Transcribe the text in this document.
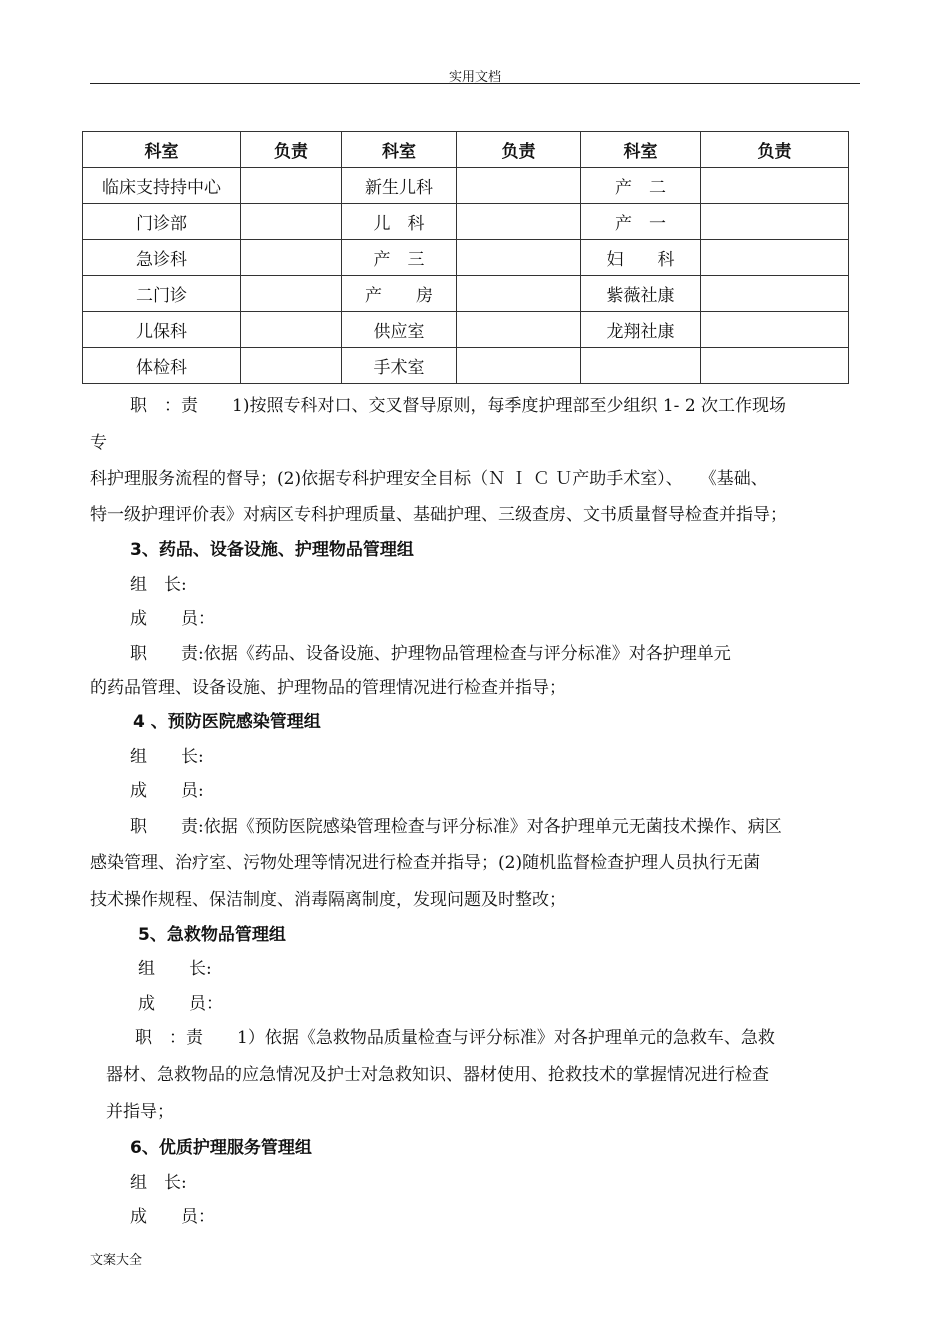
实用文档
科室	负责	科室	负责	科室	负责
临床支持持中心		新生儿科		产　二	
门诊部		儿　科		产　一	
急诊科		产　三		妇　　科	
二门诊		产　　房		紫薇社康	
儿保科		供应室		龙翔社康	
体检科		手术室			
职　：责　　1)按照专科对口、交叉督导原则，每季度护理部至少组织 1- 2 次工作现场
专
科护理服务流程的督导；(2)依据专科护理安全目标（Ｎ Ｉ Ｃ Ｕ产助手术室）、　　《基础、
特一级护理评价表》对病区专科护理质量、基础护理、三级查房、文书质量督导检查并指导；
3、药品、设备设施、护理物品管理组
组　长:
成　　员：
职　　责:依据《药品、设备设施、护理物品管理检查与评分标准》对各护理单元
的药品管理、设备设施、护理物品的管理情况进行检查并指导；
4 、预防医院感染管理组
组　　长:
成　　员:
职　　责:依据《预防医院感染管理检查与评分标准》对各护理单元无菌技术操作、病区
感染管理、治疗室、污物处理等情况进行检查并指导；(2)随机监督检查护理人员执行无菌
技术操作规程、保洁制度、消毒隔离制度，发现问题及时整改；
5、急救物品管理组
组　　长:
成　　员：
职　：责　　1）依据《急救物品质量检查与评分标准》对各护理单元的急救车、急救
器材、急救物品的应急情况及护士对急救知识、器材使用、抢救技术的掌握情况进行检查
并指导；
6、优质护理服务管理组
组　长:
成　　员：
文案大全
